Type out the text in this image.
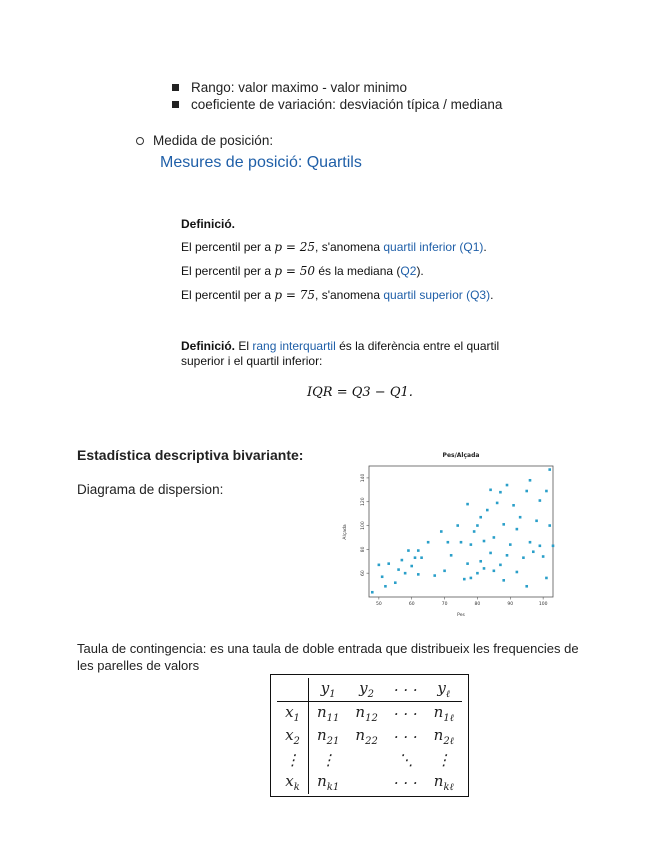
Rango: valor maximo - valor minimo
coeficiente de variación: desviación típica / mediana
Medida de posición:
Mesures de posició: Quartils
Definició.
El percentil per a p = 25, s'anomena quartil inferior (Q1).
El percentil per a p = 50 és la mediana (Q2).
El percentil per a p = 75, s'anomena quartil superior (Q3).
Definició. El rang interquartil és la diferència entre el quartil
superior i el quartil inferior:
IQR = Q3 − Q1.
Estadística descriptiva bivariante:
Diagrama de dispersion:
Pes/Alçada
50	60	70	80	90	100
60
80
100
120
140
Pes
Alçada
Taula de contingencia: es una taula de doble entrada que distribueix les frequencies de
les parelles de valors
	$y_1$	$y_2$	· · ·	$y_\ell$
$x_1$	$n_{11}$	$n_{12}$	· · ·	$n_{1\ell}$
$x_2$	$n_{21}$	$n_{22}$	· · ·	$n_{2\ell}$
⋮	⋮		⋱	⋮
$x_k$	$n_{k1}$		· · ·	$n_{k\ell}$
